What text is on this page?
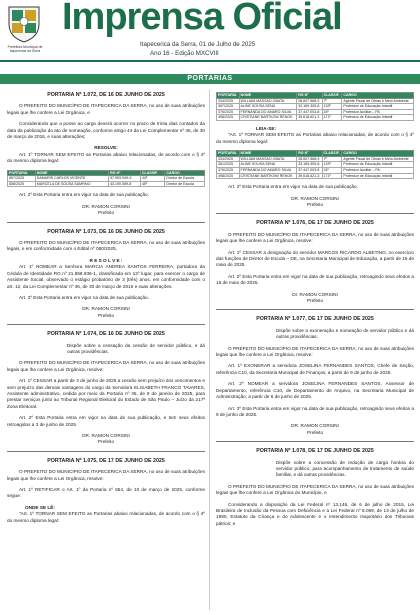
Prefeitura Municipal de Itapecerica da Serra
Imprensa Oficial
Itapecerica da Serra, 01 de Julho de 2025
Ano 16 - Edição MXCVIII
PORTARIAS
PORTARIA Nº 1.072, DE 16 DE JUNHO DE 2025
O PREFEITO DO MUNICÍPIO DE ITAPECERICA DA SERRA, no uso de suas atribuições legais que lhe confere a Lei Orgânica, e
Considerando que a posse ao cargo deverá ocorrer no prazo de trinta dias contados da data da publicação do ato de nomeação, conforme artigo 44 da Lei Complementar nº 36, de 30 de março de 2016, e suas alterações;
RESOLVE:
Art. 1º TORNAR SEM EFEITO as Portarias abaixo relacionadas, de acordo com o § 4º do mesmo diploma legal:
PORTARIA	NOME	RG Nº	CLASSIF.	CARGO
857/2025	DAMARIS CARLOS VICENTE	57.993.949-X	44º	Diretor de Escola
858/2025	MARCELA DE SOUSA SAMPAIO	43.190.089-8	45º	Diretor de Escola
Art. 2º Esta Portaria entra em vigor na data de sua publicação.
DR. RAMON CORSINI
Prefeito
PORTARIA Nº 1.073, DE 16 DE JUNHO DE 2025
O PREFEITO DO MUNICÍPIO DE ITAPECERICA DA SERRA, no uso de suas atribuições legais, e em conformidade com o Edital nº 080/2025,
R E S O L V E :
Art. 1º NOMEAR a Senhora MARCIA ANDREA SANTOS FERREIRA, portadora da Cédula de Identidade RG nº 21.858.936-1, classificada em 12º lugar, para exercer o cargo de Assistente Social, observado o estágio probatório de 3 (três) anos, em conformidade com o art. 12, da Lei Complementar nº 36, de 30 de março de 2016 e suas alterações.
Art. 2º Esta Portaria entra em vigor na data de sua publicação.
DR. RAMON CORSINI
Prefeito
PORTARIA Nº 1.074, DE 16 DE JUNHO DE 2025
Dispõe sobre a cessação da cessão de servidor público, e dá outras providências.
O PREFEITO DO MUNICÍPIO DE ITAPECERICA DA SERRA, no uso de suas atribuições legais que lhe confere a Lei Orgânica, resolve:
Art. 1º CESSAR a partir de 3 de junho de 2025 a cessão sem prejuízo dos vencimentos e sem prejuízo das demais vantagens do cargo da Servidora ELISABETH FRANCO TAVARES, Assistente administrativo, cedida por meio da Portaria nº 36, de 9 de janeiro de 2025, para prestar serviços junto ao Tribunal Regional Eleitoral do Estado de São Paulo – Juízo da 217ª Zona Eleitoral.
Art. 2º Esta Portaria entra em vigor na data de sua publicação, e tem seus efeitos retroagidos a 3 de junho de 2025.
DR. RAMON CORSINI
Prefeito
PORTARIA Nº 1.075, DE 17 DE JUNHO DE 2025
O PREFEITO DO MUNICÍPIO DE ITAPECERICA DA SERRA, no uso de suas atribuições legais que lhe confere a Lei Orgânica, resolve:
Art. 1º RETIFICAR o Art. 1º da Portaria nº 654, de 10 de março de 2025, conforme segue:
ONDE SE LÊ:
"Art. 1º TORNAR SEM EFEITO as Portarias abaixo relacionadas, de acordo com o § 4º do mesmo diploma legal:
PORTARIA	NOME	RG Nº	CLASSIF.	CARGO
334/2025	WILLIAM MASSAO OBATA	28.607.568-9	7º	Agente Fiscal de Obras e Meio Ambiente
387/2025	ALINE SOUSA SENA	33.169.305-8	133º	Professor de Educação Infantil
376/2025	FERNANDA DO AMARO SILVA	37.447.003-8	24º	Professor Auxiliar – PA
498/2025	CRISTIANE BARTKOW RENOK	39.618.621-3	171º	Professor de Educação Infantil
LEIA-SE:
"Art. 1º TORNAR SEM EFEITO as Portarias abaixo relacionadas, de acordo com o § 4º do mesmo diploma legal:
PORTARIA	NOME	RG Nº	CLASSIF.	CARGO
334/2025	WILLIAM MASSAO OBATA	28.607.568-9	7º	Agente Fiscal de Obras e Meio Ambiente
361/2025	ALINE SOUSA SENA	33.169.305-8	133º	Professor de Educação Infantil
376/2025	FERNANDA DO AMARO SILVA	37.447.003-8	24º	Professor Auxiliar – PA
498/2025	CRISTIANE BARTKOW RENOK	39.618.621-3	171º	Professor de Educação Infantil
Art. 2º Esta Portaria entra em vigor na data de sua publicação.
DR. RAMON CORSINI
Prefeito
PORTARIA Nº 1.076, DE 17 DE JUNHO DE 2025
O PREFEITO DO MUNICÍPIO DE ITAPECERICA DA SERRA, no uso de suas atribuições legais que lhe confere a Lei Orgânica, resolve:
Art. 1º CESSAR a designação do servidor MARCOS RICARDO ALBETINO, no exercício das funções de Diretor de Escola – DE, na Secretaria Municipal de Educação, a partir de 15 de maio de 2025.
Art. 2º Esta Portaria entra em vigor na data de sua publicação, retroagindo seus efeitos a 15 de maio de 2025.
Dr. RAMON CORSINI
Prefeito
PORTARIA Nº 1.077, DE 17 DE JUNHO DE 2025
Dispõe sobre a exoneração e nomeação de servidor público e dá outras providências.
O PREFEITO DO MUNICÍPIO DE ITAPECERICA DA SERRA, no uso de suas atribuições legais que lhe confere a Lei Orgânica, resolve:
Art. 1º EXONERAR a servidora JOSELINA FERNANDES SANTOS, Chefe de Seção, referência C10, da Secretaria Municipal de Finanças, a partir de 9 de junho de 2025.
Art. 2º NOMEAR a servidora JOSELINA FERNANDES SANTOS, Assessor de Departamento, referência C10, de Departamento de Arquivo, na Secretaria Municipal de Administração, a partir de 6 de junho de 2025.
Art. 3º Esta Portaria entra em vigor na data de sua publicação, retroagindo seus efeitos a 9 de junho de 2025.
DR. RAMON CORSINI
Prefeito
PORTARIA Nº 1.078, DE 17 DE JUNHO DE 2025
Dispõe sobre a concessão de redução de carga horária do servidor público, para acompanhamento de tratamento de saúde familiar, e dá outras providências.
O PREFEITO DO MUNICÍPIO DE ITAPECERICA DA SERRA, no uso de suas atribuições legais que lhe confere a Lei Orgânica do Município, e
Considerando a disposição da Lei Federal nº 13.146, de 6 de julho de 2015, Lei Brasileira de Inclusão da Pessoa com Deficiência e a Lei Federal nº 8.069, de 13 de julho de 1990, Estatuto da Criança e do Adolescente e o entendimento majoritário dos Tribunais pátrios; e
